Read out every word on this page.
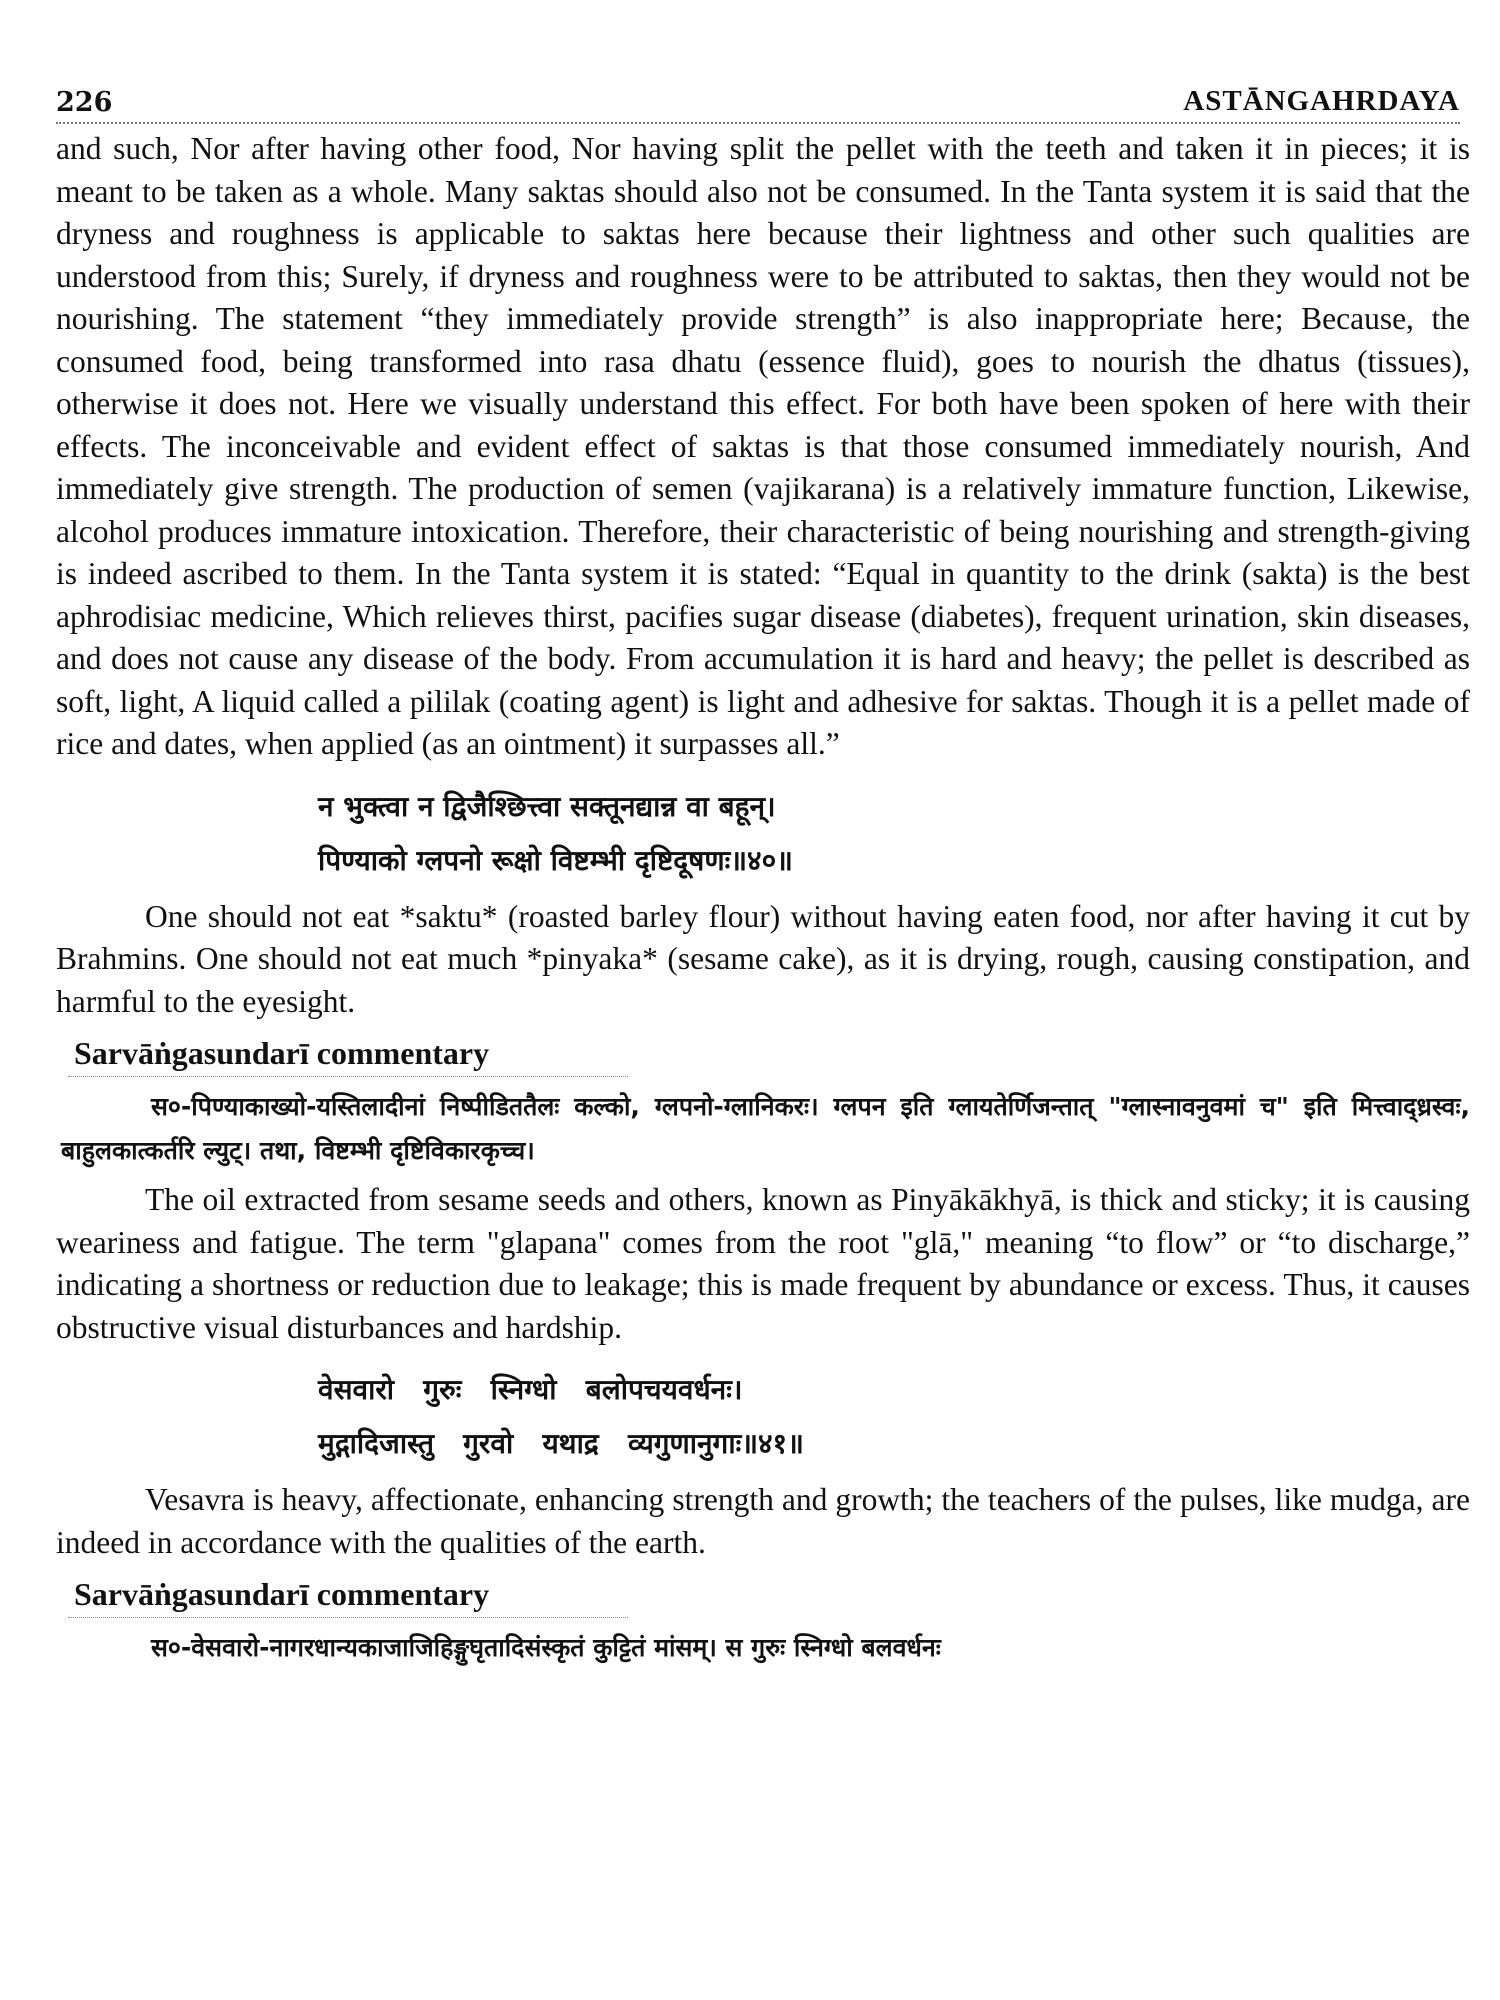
226	ASTĀNGAHRDAYA

and such, Nor after having other food, Nor having split the pellet with the teeth and taken it in pieces; it is meant to be taken as a whole. Many saktas should also not be consumed. In the Tanta system it is said that the dryness and roughness is applicable to saktas here because their lightness and other such qualities are understood from this; Surely, if dryness and roughness were to be attributed to saktas, then they would not be nourishing. The statement “they immediately provide strength” is also inappropriate here; Because, the consumed food, being transformed into rasa dhatu (essence fluid), goes to nourish the dhatus (tissues), otherwise it does not. Here we visually understand this effect. For both have been spoken of here with their effects. The inconceivable and evident effect of saktas is that those consumed immediately nourish, And immediately give strength. The production of semen (vajikarana) is a relatively immature function, Likewise, alcohol produces immature intoxication. Therefore, their characteristic of being nourishing and strength-giving is indeed ascribed to them. In the Tanta system it is stated: “Equal in quantity to the drink (sakta) is the best aphrodisiac medicine, Which relieves thirst, pacifies sugar disease (diabetes), frequent urination, skin diseases, and does not cause any disease of the body. From accumulation it is hard and heavy; the pellet is described as soft, light, A liquid called a pililak (coating agent) is light and adhesive for saktas. Though it is a pellet made of rice and dates, when applied (as an ointment) it surpasses all.”

न भुक्त्वा न द्विजैश्छित्त्वा सक्तूनद्यान्न वा बहून्।
पिण्याको ग्लपनो रूक्षो विष्टम्भी दृष्टिदूषणः॥४०॥

One should not eat *saktu* (roasted barley flour) without having eaten food, nor after having it cut by Brahmins. One should not eat much *pinyaka* (sesame cake), as it is drying, rough, causing constipation, and harmful to the eyesight.

Sarvāṅgasundarī commentary
स०-पिण्याकाख्यो-यस्तिलादीनां निष्पीडिततैलः कल्को, ग्लपनो-ग्लानिकरः। ग्लपन इति ग्लायतेर्णिजन्तात् "ग्लास्नावनुवमां च" इति मित्त्वाद्ध्रस्वः, बाहुलकात्कर्तरि ल्युट्। तथा, विष्टम्भी दृष्टिविकारकृच्च।

The oil extracted from sesame seeds and others, known as Pinyākākhyā, is thick and sticky; it is causing weariness and fatigue. The term "glapana" comes from the root "glā," meaning “to flow” or “to discharge,” indicating a shortness or reduction due to leakage; this is made frequent by abundance or excess. Thus, it causes obstructive visual disturbances and hardship.

वेसवारो   गुरुः   स्निग्धो   बलोपचयवर्धनः।
मुद्गादिजास्तु   गुरवो   यथाद्र   व्यगुणानुगाः॥४१॥

Vesavra is heavy, affectionate, enhancing strength and growth; the teachers of the pulses, like mudga, are indeed in accordance with the qualities of the earth.

Sarvāṅgasundarī commentary
स०-वेसवारो-नागरधान्यकाजाजिहिङ्गुघृतादिसंस्कृतं कुट्टितं मांसम्। स गुरुः स्निग्धो बलवर्धनः
